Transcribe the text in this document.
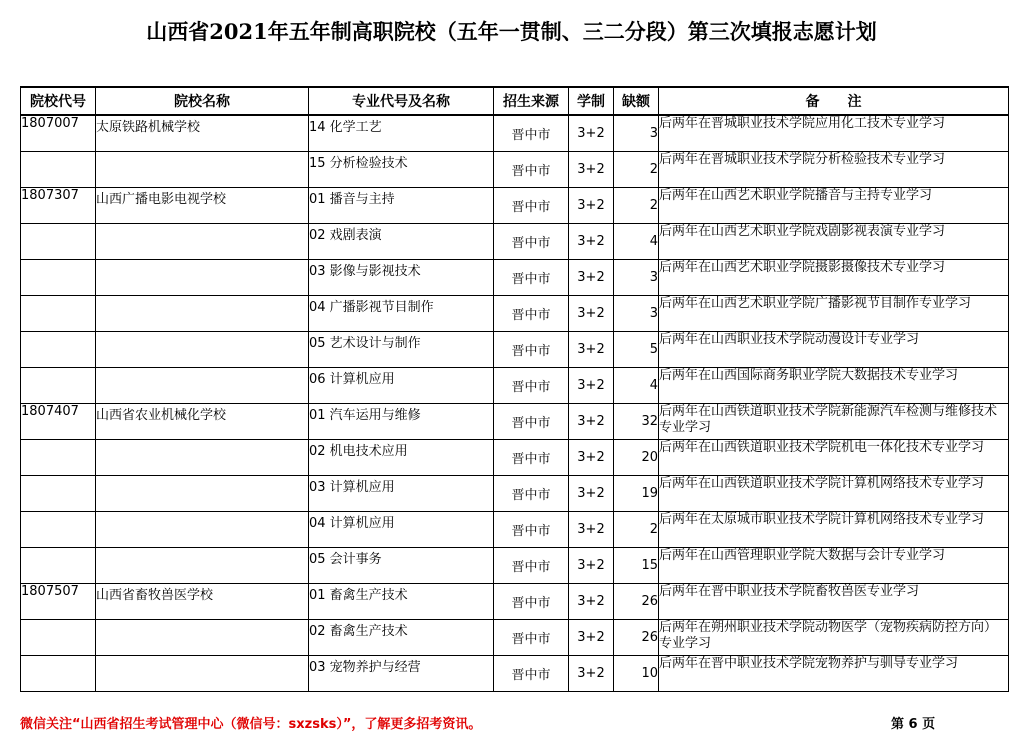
山西省2021年五年制高职院校（五年一贯制、三二分段）第三次填报志愿计划
院校代号	院校名称	专业代号及名称	招生来源	学制	缺额	备　　注
1807007	太原铁路机械学校	14 化学工艺	晋中市	3+2	3	后两年在晋城职业技术学院应用化工技术专业学习
		15 分析检验技术	晋中市	3+2	2	后两年在晋城职业技术学院分析检验技术专业学习
1807307	山西广播电影电视学校	01 播音与主持	晋中市	3+2	2	后两年在山西艺术职业学院播音与主持专业学习
		02 戏剧表演	晋中市	3+2	4	后两年在山西艺术职业学院戏剧影视表演专业学习
		03 影像与影视技术	晋中市	3+2	3	后两年在山西艺术职业学院摄影摄像技术专业学习
		04 广播影视节目制作	晋中市	3+2	3	后两年在山西艺术职业学院广播影视节目制作专业学习
		05 艺术设计与制作	晋中市	3+2	5	后两年在山西职业技术学院动漫设计专业学习
		06 计算机应用	晋中市	3+2	4	后两年在山西国际商务职业学院大数据技术专业学习
1807407	山西省农业机械化学校	01 汽车运用与维修	晋中市	3+2	32	后两年在山西铁道职业技术学院新能源汽车检测与维修技术专业学习
		02 机电技术应用	晋中市	3+2	20	后两年在山西铁道职业技术学院机电一体化技术专业学习
		03 计算机应用	晋中市	3+2	19	后两年在山西铁道职业技术学院计算机网络技术专业学习
		04 计算机应用	晋中市	3+2	2	后两年在太原城市职业技术学院计算机网络技术专业学习
		05 会计事务	晋中市	3+2	15	后两年在山西管理职业学院大数据与会计专业学习
1807507	山西省畜牧兽医学校	01 畜禽生产技术	晋中市	3+2	26	后两年在晋中职业技术学院畜牧兽医专业学习
		02 畜禽生产技术	晋中市	3+2	26	后两年在朔州职业技术学院动物医学（宠物疾病防控方向）专业学习
		03 宠物养护与经营	晋中市	3+2	10	后两年在晋中职业技术学院宠物养护与驯导专业学习
微信关注“山西省招生考试管理中心（微信号：sxzsks）”，了解更多招考资讯。	第 6 页
